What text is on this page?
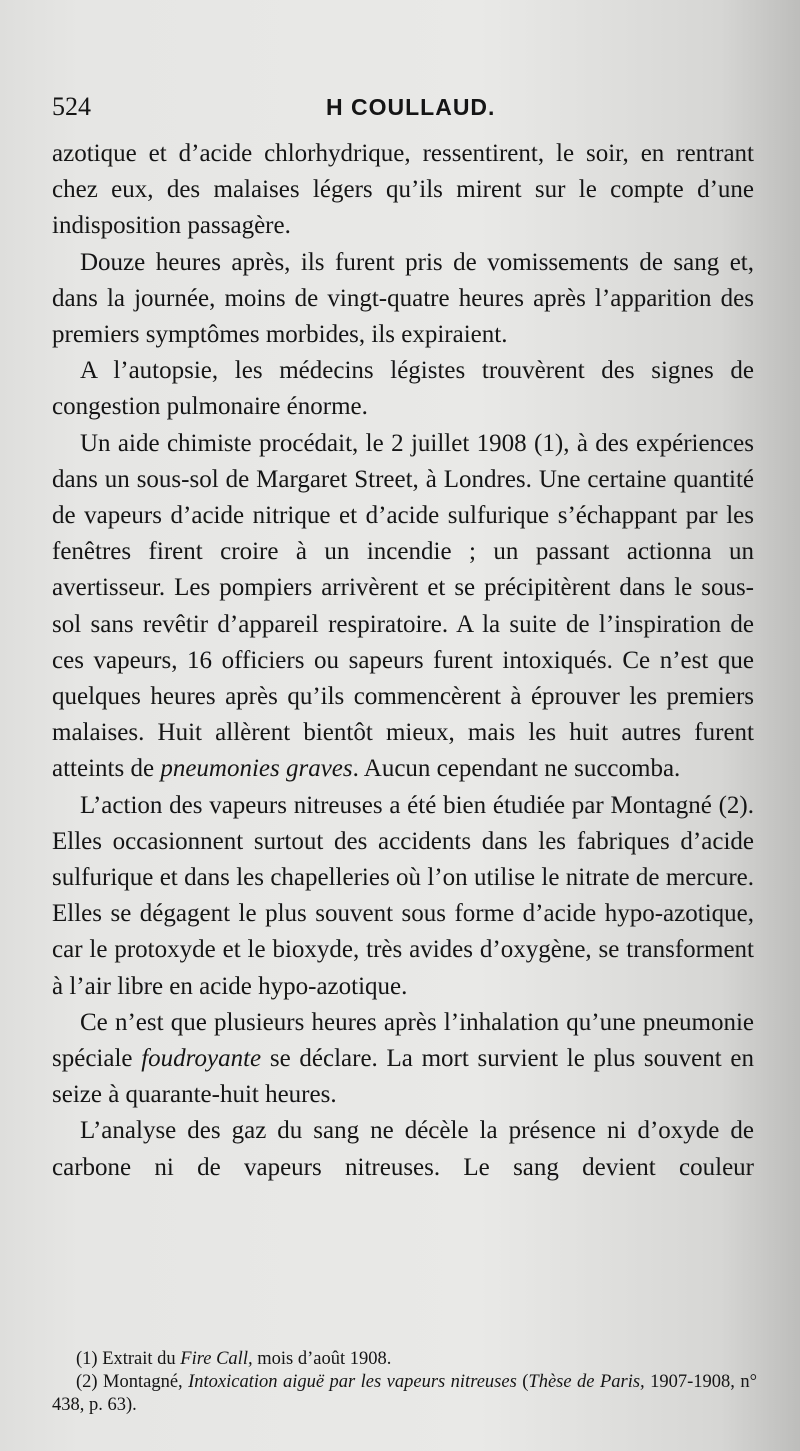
524	H COULLAUD.

azotique et d’acide chlorhydrique, ressentirent, le soir, en rentrant chez eux, des malaises légers qu’ils mirent sur le compte d’une indisposition passagère.

Douze heures après, ils furent pris de vomissements de sang et, dans la journée, moins de vingt-quatre heures après l’apparition des premiers symptômes morbides, ils expiraient.

A l’autopsie, les médecins légistes trouvèrent des signes de congestion pulmonaire énorme.

Un aide chimiste procédait, le 2 juillet 1908 (1), à des expériences dans un sous-sol de Margaret Street, à Londres. Une certaine quantité de vapeurs d’acide nitrique et d’acide sulfurique s’échappant par les fenêtres firent croire à un incendie ; un passant actionna un avertisseur. Les pompiers arrivèrent et se précipitèrent dans le sous-sol sans revêtir d’appareil respiratoire. A la suite de l’inspiration de ces vapeurs, 16 officiers ou sapeurs furent intoxiqués. Ce n’est que quelques heures après qu’ils commencèrent à éprouver les premiers malaises. Huit allèrent bientôt mieux, mais les huit autres furent atteints de pneumonies graves. Aucun cependant ne succomba.

L’action des vapeurs nitreuses a été bien étudiée par Montagné (2). Elles occasionnent surtout des accidents dans les fabriques d’acide sulfurique et dans les chapelleries où l’on utilise le nitrate de mercure. Elles se dégagent le plus souvent sous forme d’acide hypo-azotique, car le protoxyde et le bioxyde, très avides d’oxygène, se transforment à l’air libre en acide hypo-azotique.

Ce n’est que plusieurs heures après l’inhalation qu’une pneumonie spéciale foudroyante se déclare. La mort survient le plus souvent en seize à quarante-huit heures.

L’analyse des gaz du sang ne décèle la présence ni d’oxyde de carbone ni de vapeurs nitreuses. Le sang devient couleur

(1) Extrait du Fire Call, mois d’août 1908.

(2) Montagné, Intoxication aiguë par les vapeurs nitreuses (Thèse de Paris, 1907-1908, n° 438, p. 63).
